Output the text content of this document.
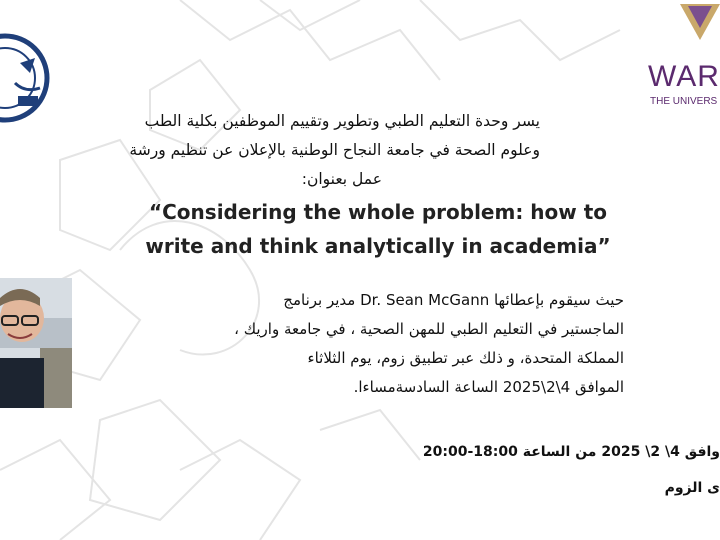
WAR
THE UNIVERS
يسر وحدة التعليم الطبي وتطوير وتقييم الموظفين بكلية الطب
وعلوم الصحة في جامعة النجاح الوطنية بالإعلان عن تنظيم ورشة
عمل بعنوان:
“Considering the whole problem: how to
write and think analytically in academia”
حيث سيقوم بإعطائها Dr. Sean McGann مدير برنامج
الماجستير في التعليم الطبي للمهن الصحية ، في جامعة واريك ،
المملكة المتحدة، و ذلك عبر تطبيق زوم، يوم الثلاثاء
الموافق 4\2\2025 الساعة السادسةمساءا.
وافق 4\ 2\ 2025 من الساعة 18:00-20:00
ى الزوم
